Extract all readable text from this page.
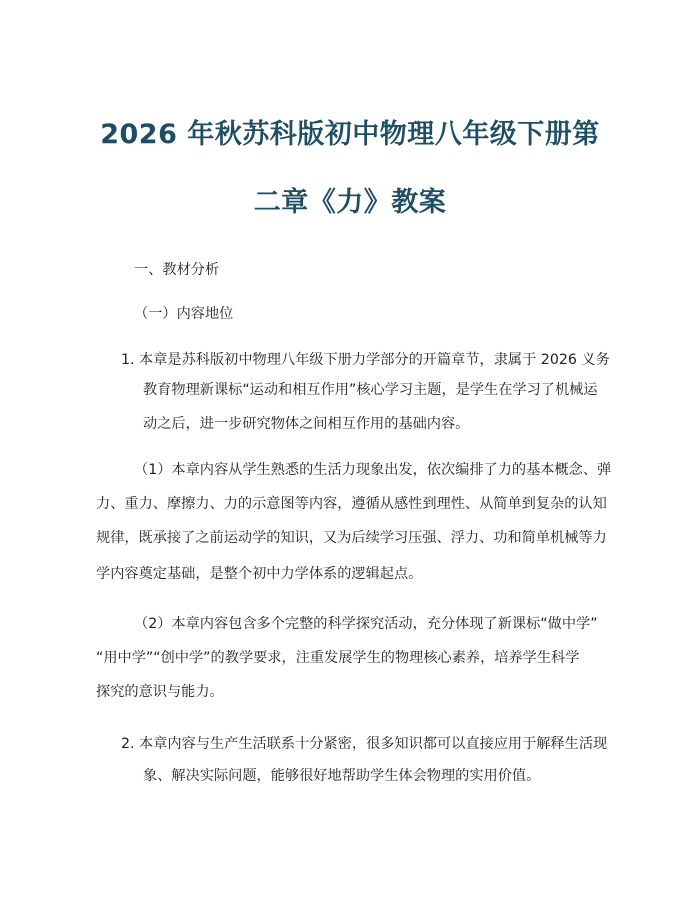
2026 年秋苏科版初中物理八年级下册第
二章《力》教案
一、教材分析
（一）内容地位
1. 本章是苏科版初中物理八年级下册力学部分的开篇章节，隶属于 2026 义务
教育物理新课标“运动和相互作用”核心学习主题，是学生在学习了机械运
动之后，进一步研究物体之间相互作用的基础内容。
（1）本章内容从学生熟悉的生活力现象出发，依次编排了力的基本概念、弹
力、重力、摩擦力、力的示意图等内容，遵循从感性到理性、从简单到复杂的认知
规律，既承接了之前运动学的知识，又为后续学习压强、浮力、功和简单机械等力
学内容奠定基础，是整个初中力学体系的逻辑起点。
（2）本章内容包含多个完整的科学探究活动，充分体现了新课标“做中学”
“用中学”“创中学”的教学要求，注重发展学生的物理核心素养，培养学生科学
探究的意识与能力。
2. 本章内容与生产生活联系十分紧密，很多知识都可以直接应用于解释生活现
象、解决实际问题，能够很好地帮助学生体会物理的实用价值。
